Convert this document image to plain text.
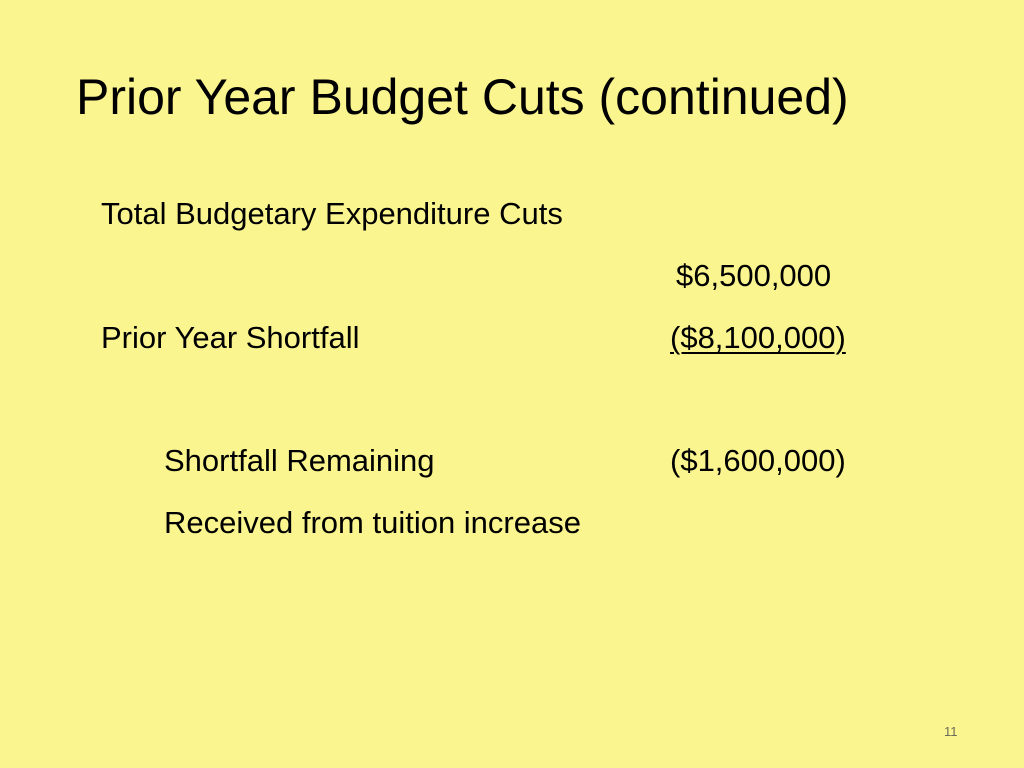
Prior Year Budget Cuts (continued)
Total Budgetary Expenditure Cuts
$6,500,000
Prior Year Shortfall	($8,100,000)
Shortfall Remaining	($1,600,000)
Received from tuition increase
11
